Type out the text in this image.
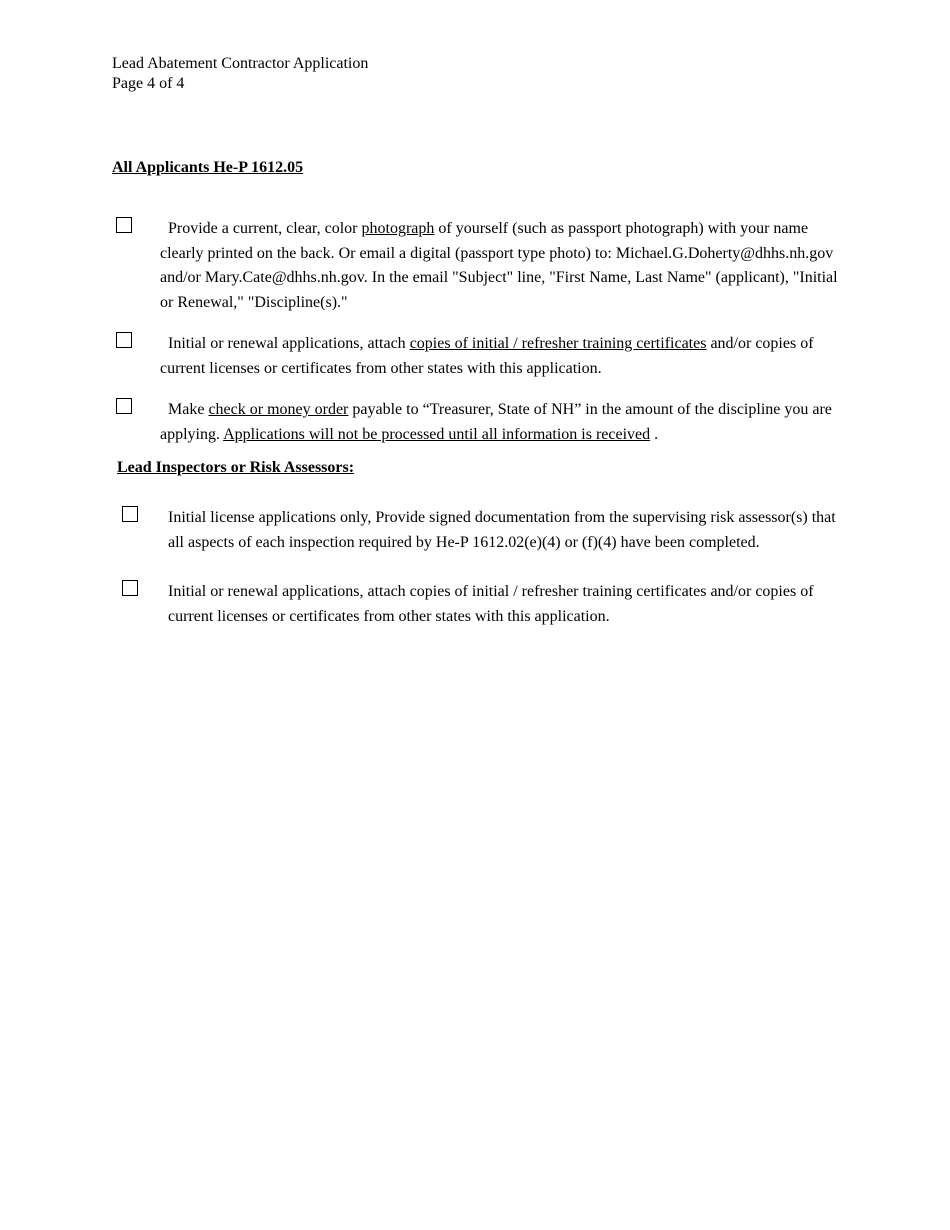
Lead Abatement Contractor Application
Page 4 of 4
All Applicants He-P 1612.05
Provide a current, clear, color photograph of yourself (such as passport photograph) with your name clearly printed on the back. Or email a digital (passport type photo) to: Michael.G.Doherty@dhhs.nh.gov and/or Mary.Cate@dhhs.nh.gov. In the email "Subject" line, "First Name, Last Name" (applicant), "Initial or Renewal," "Discipline(s)."
Initial or renewal applications, attach copies of initial / refresher training certificates and/or copies of current licenses or certificates from other states with this application.
Make check or money order payable to “Treasurer, State of NH” in the amount of the discipline you are applying. Applications will not be processed until all information is received .
Lead Inspectors or Risk Assessors:
Initial license applications only, Provide signed documentation from the supervising risk assessor(s) that all aspects of each inspection required by He-P 1612.02(e)(4) or (f)(4) have been completed.
Initial or renewal applications, attach copies of initial / refresher training certificates and/or copies of current licenses or certificates from other states with this application.
